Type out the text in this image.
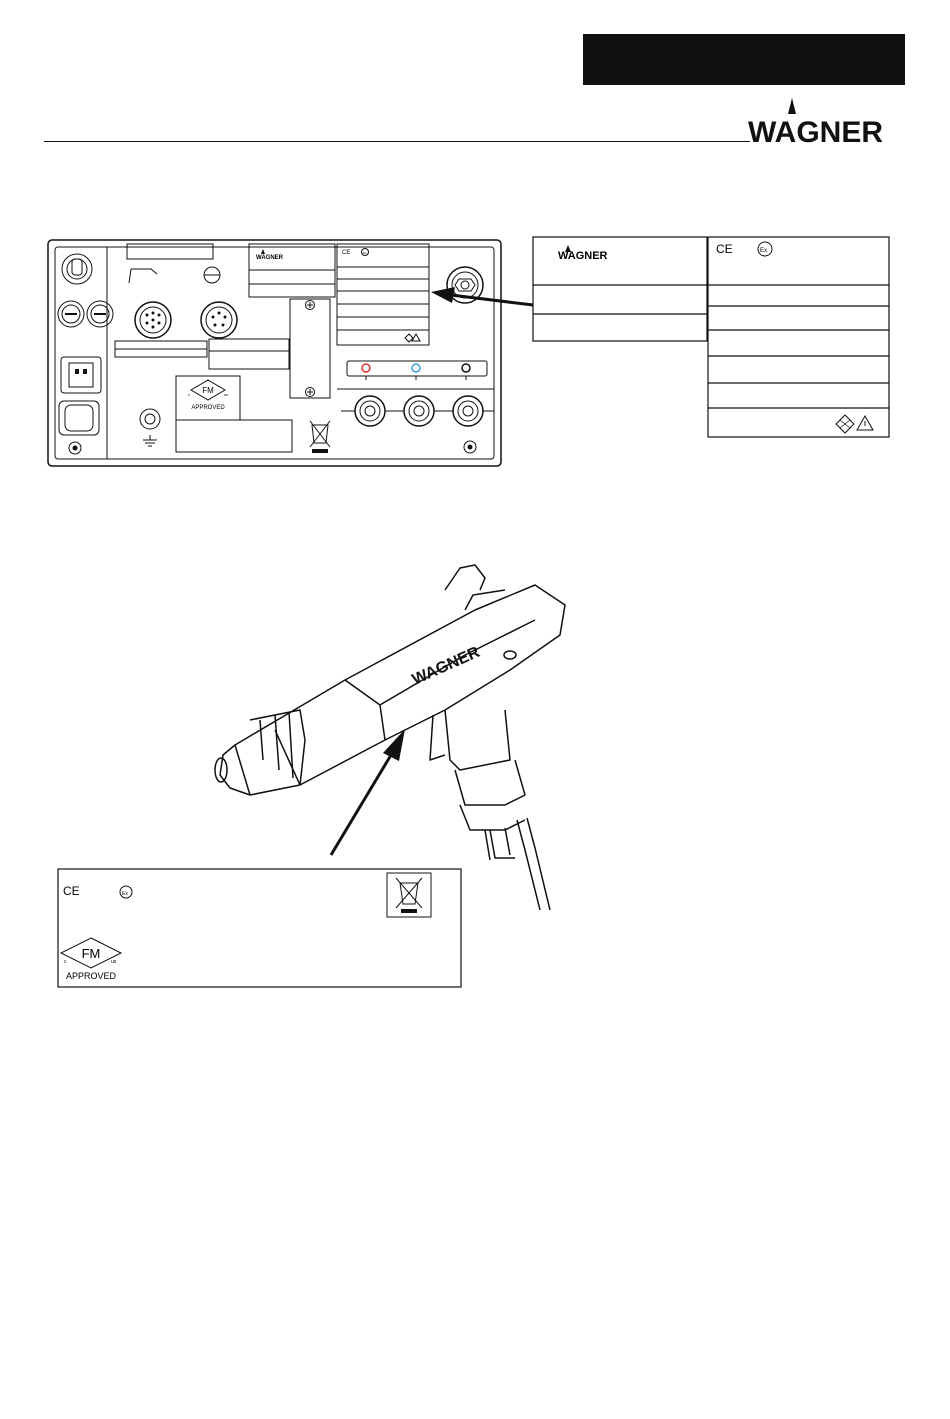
WAGNER
FM
c	us
APPROVED
WAGNER
CE	Ex	WAGNER	CE	Ex
WAGNER
CE	Ex
FM
c	us
APPROVED
